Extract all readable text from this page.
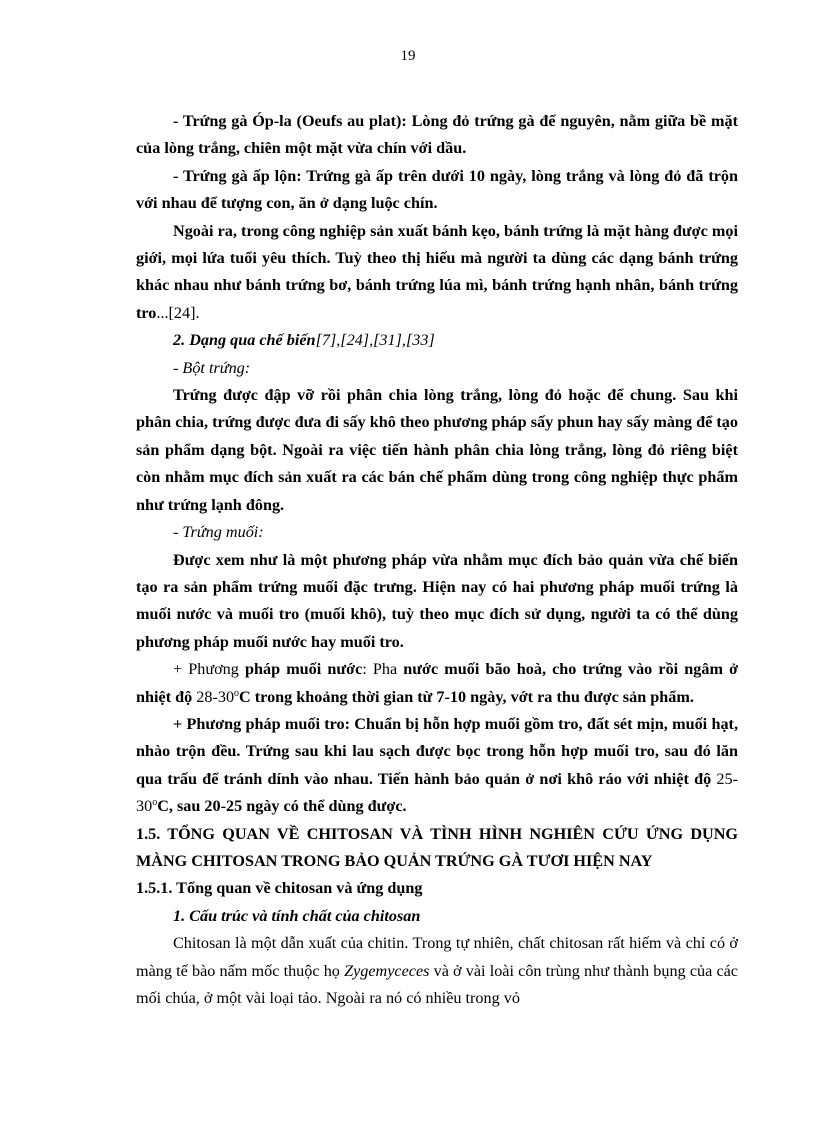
19

- Trứng gà Óp-la (Oeufs au plat): Lòng đỏ trứng gà để nguyên, nằm giữa bề mặt của lòng trắng, chiên một mặt vừa chín với dầu.

- Trứng gà ấp lộn: Trứng gà ấp trên dưới 10 ngày, lòng trắng và lòng đỏ đã trộn với nhau để tượng con, ăn ở dạng luộc chín.

Ngoài ra, trong công nghiệp sản xuất bánh kẹo, bánh trứng là mặt hàng được mọi giới, mọi lứa tuổi yêu thích. Tuỳ theo thị hiếu mà người ta dùng các dạng bánh trứng khác nhau như bánh trứng bơ, bánh trứng lúa mì, bánh trứng hạnh nhân, bánh trứng tro...[24].

2. Dạng qua chế biến[7],[24],[31],[33]

- Bột trứng:

Trứng được đập vỡ rồi phân chia lòng trắng, lòng đỏ hoặc để chung. Sau khi phân chia, trứng được đưa đi sấy khô theo phương pháp sấy phun hay sấy màng để tạo sản phẩm dạng bột. Ngoài ra việc tiến hành phân chia lòng trắng, lòng đỏ riêng biệt còn nhằm mục đích sản xuất ra các bán chế phẩm dùng trong công nghiệp thực phẩm như trứng lạnh đông.

- Trứng muối:

Được xem như là một phương pháp vừa nhằm mục đích bảo quản vừa chế biến tạo ra sản phẩm trứng muối đặc trưng. Hiện nay có hai phương pháp muối trứng là muối nước và muối tro (muối khô), tuỳ theo mục đích sử dụng, người ta có thể dùng phương pháp muối nước hay muối tro.

+ Phương pháp muối nước: Pha nước muối bão hoà, cho trứng vào rồi ngâm ở nhiệt độ 28-30$^o$C trong khoảng thời gian từ 7-10 ngày, vớt ra thu được sản phẩm.

+ Phương pháp muối tro: Chuẩn bị hỗn hợp muối gồm tro, đất sét mịn, muối hạt, nhào trộn đều. Trứng sau khi lau sạch được bọc trong hỗn hợp muối tro, sau đó lăn qua trấu để tránh dính vào nhau. Tiến hành bảo quản ở nơi khô ráo với nhiệt độ 25-30$^o$C, sau 20-25 ngày có thể dùng được.

1.5. TỔNG QUAN VỀ CHITOSAN VÀ TÌNH HÌNH NGHIÊN CỨU ỨNG DỤNG MÀNG CHITOSAN TRONG BẢO QUẢN TRỨNG GÀ TƯƠI HIỆN NAY

1.5.1. Tổng quan về chitosan và ứng dụng

1. Cấu trúc và tính chất của chitosan

Chitosan là một dẫn xuất của chitin. Trong tự nhiên, chất chitosan rất hiếm và chỉ có ở màng tế bào nấm mốc thuộc họ Zygemyceces và ở vài loài côn trùng như thành bụng của các mối chúa, ở một vài loại tảo. Ngoài ra nó có nhiều trong vỏ
